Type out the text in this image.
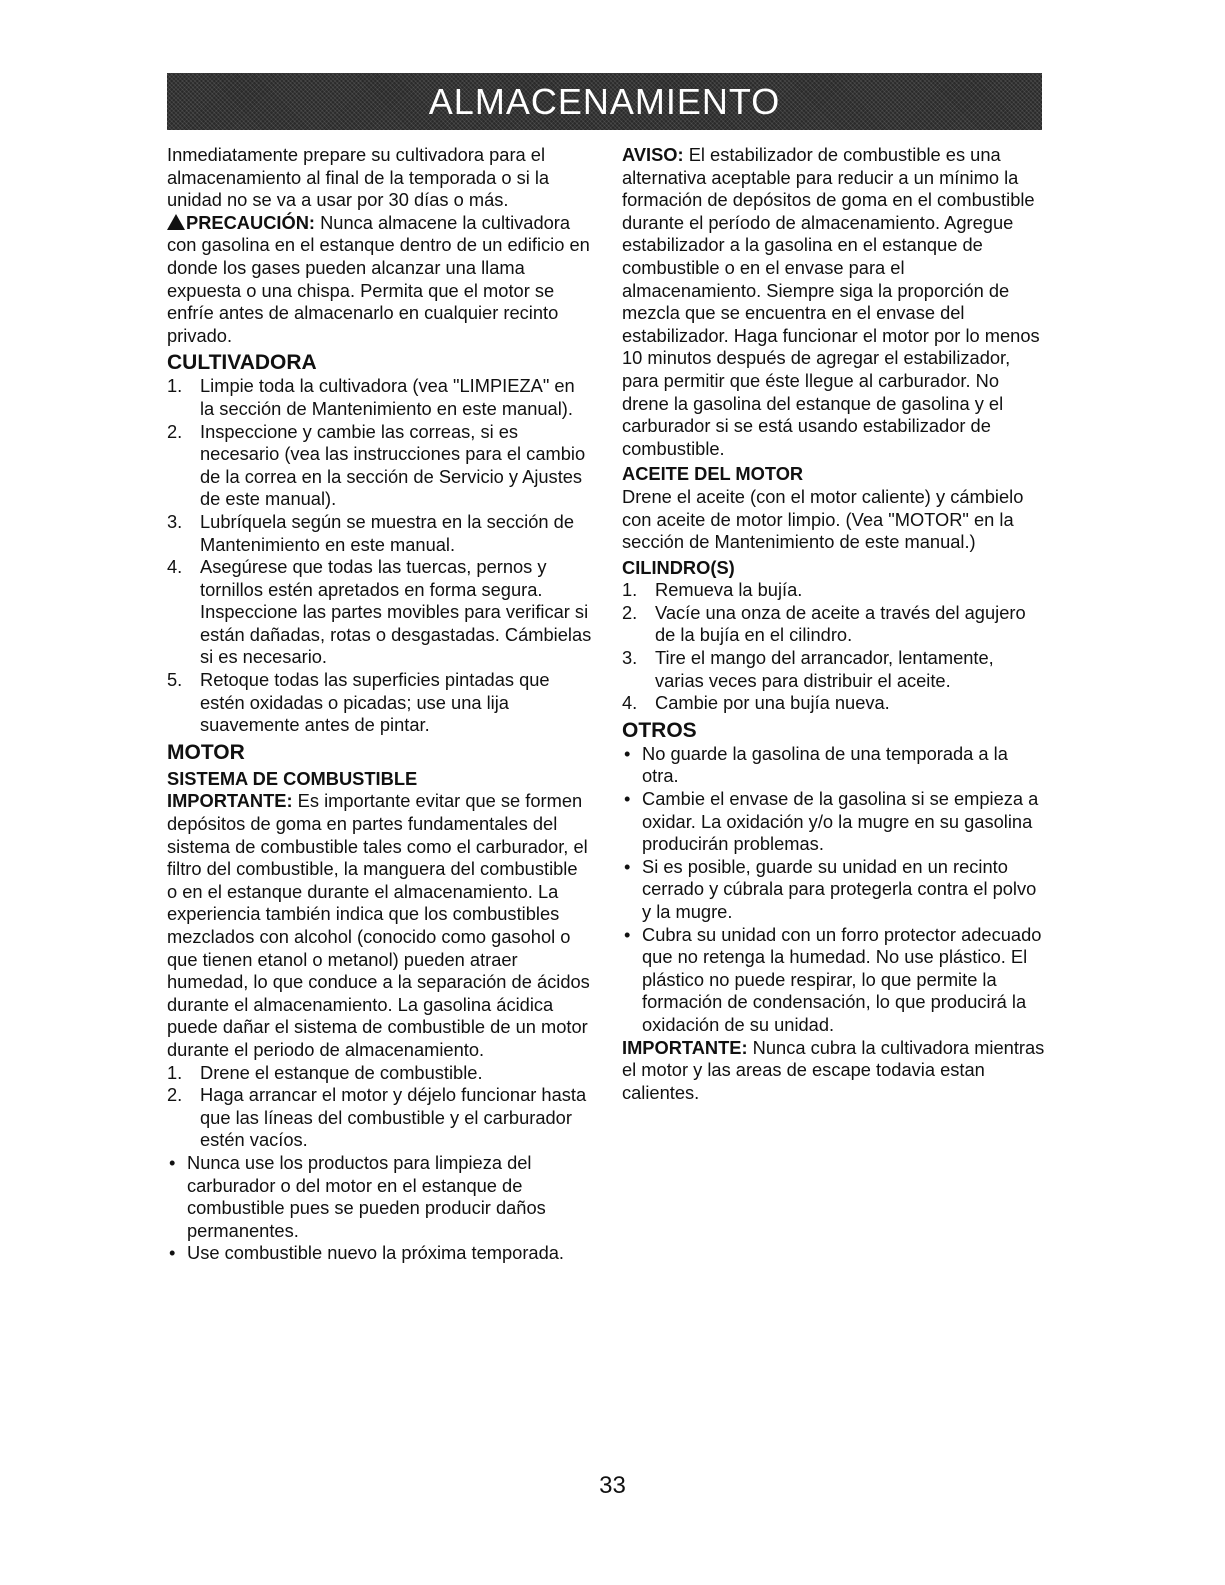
ALMACENAMIENTO

Inmediatamente prepare su cultivadora para el almacenamiento al final de la temporada o si la unidad no se va a usar por 30 días o más.

PRECAUCIÓN: Nunca almacene la cultivadora con gasolina en el estanque dentro de un edificio en donde los gases pueden alcanzar una llama expuesta o una chispa. Permita que el motor se enfríe antes de almacenarlo en cualquier recinto privado.

CULTIVADORA
1. Limpie toda la cultivadora (vea "LIMPIEZA" en la sección de Mantenimiento en este manual).
2. Inspeccione y cambie las correas, si es necesario (vea las instrucciones para el cambio de la correa en la sección de Servicio y Ajustes de este manual).
3. Lubríquela según se muestra en la sección de Mantenimiento en este manual.
4. Asegúrese que todas las tuercas, pernos y tornillos estén apretados en forma segura. Inspeccione las partes movibles para verificar si están dañadas, rotas o desgastadas. Cámbielas si es necesario.
5. Retoque todas las superficies pintadas que estén oxidadas o picadas; use una lija suavemente antes de pintar.
MOTOR
SISTEMA DE COMBUSTIBLE

IMPORTANTE: Es importante evitar que se formen depósitos de goma en partes fundamentales del sistema de combustible tales como el carburador, el filtro del combustible, la manguera del combustible o en el estanque durante el almacenamiento. La experiencia también indica que los combustibles mezclados con alcohol (conocido como gasohol o que tienen etanol o metanol) pueden atraer humedad, lo que conduce a la separación de ácidos durante el almacenamiento. La gasolina ácidica puede dañar el sistema de combustible de un motor durante el periodo de almacenamiento.

1. Drene el estanque de combustible.
2. Haga arrancar el motor y déjelo funcionar hasta que las líneas del combustible y el carburador estén vacíos.
• Nunca use los productos para limpieza del carburador o del motor en el estanque de combustible pues se pueden producir daños permanentes.
• Use combustible nuevo la próxima temporada.

AVISO: El estabilizador de combustible es una alternativa aceptable para reducir a un mínimo la formación de depósitos de goma en el combustible durante el período de almacenamiento. Agregue estabilizador a la gasolina en el estanque de combustible o en el envase para el almacenamiento. Siempre siga la proporción de mezcla que se encuentra en el envase del estabilizador. Haga funcionar el motor por lo menos 10 minutos después de agregar el estabilizador, para permitir que éste llegue al carburador. No drene la gasolina del estanque de gasolina y el carburador si se está usando estabilizador de combustible.

ACEITE DEL MOTOR

Drene el aceite (con el motor caliente) y cámbielo con aceite de motor limpio. (Vea "MOTOR" en la sección de Mantenimiento de este manual.)

CILINDRO(S)
1. Remueva la bujía.
2. Vacíe una onza de aceite a través del agujero de la bujía en el cilindro.
3. Tire el mango del arrancador, lentamente, varias veces para distribuir el aceite.
4. Cambie por una bujía nueva.
OTROS
• No guarde la gasolina de una temporada a la otra.
• Cambie el envase de la gasolina si se empieza a oxidar. La oxidación y/o la mugre en su gasolina producirán problemas.
• Si es posible, guarde su unidad en un recinto cerrado y cúbrala para protegerla contra el polvo y la mugre.
• Cubra su unidad con un forro protector adecuado que no retenga la humedad. No use plástico. El plástico no puede respirar, lo que permite la formación de condensación, lo que producirá la oxidación de su unidad.

IMPORTANTE: Nunca cubra la cultivadora mientras el motor y las areas de escape todavia estan calientes.

33
